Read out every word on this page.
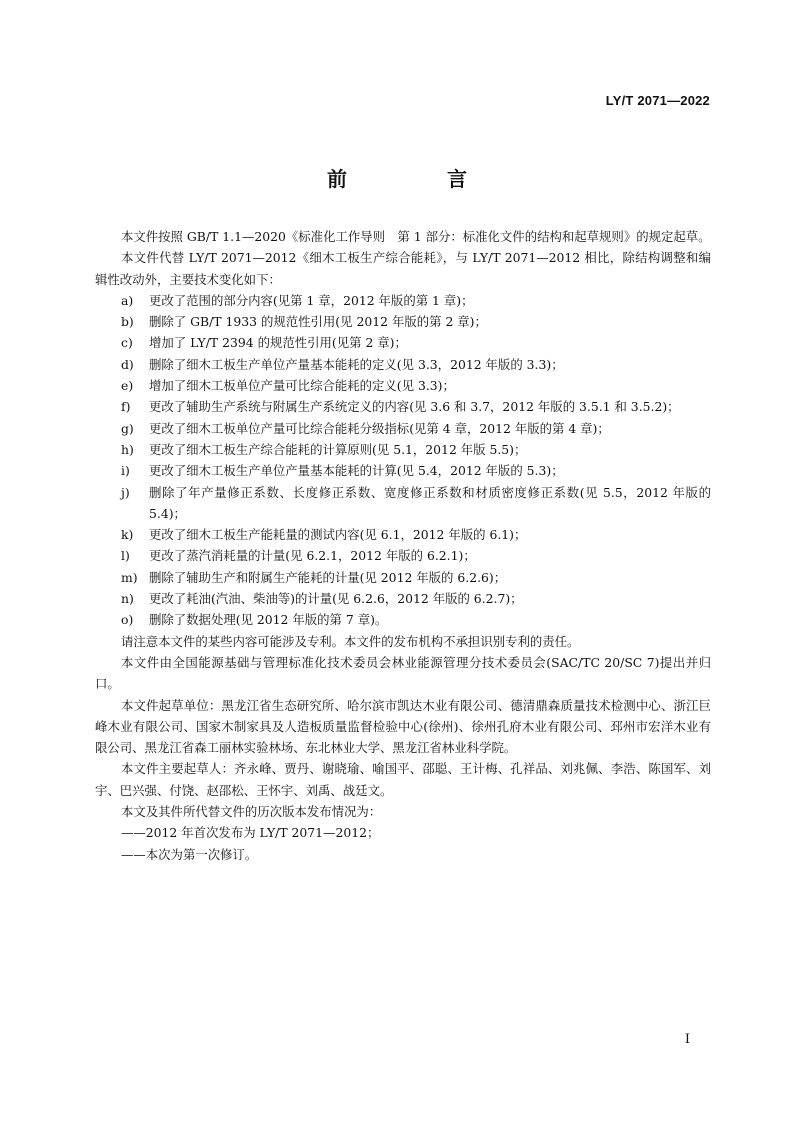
LY/T 2071—2022
前　言

本文件按照 GB/T 1.1—2020《标准化工作导则　第 1 部分：标准化文件的结构和起草规则》的规定起草。

本文件代替 LY/T 2071—2012《细木工板生产综合能耗》，与 LY/T 2071—2012 相比，除结构调整和编辑性改动外，主要技术变化如下：

a)	更改了范围的部分内容(见第 1 章，2012 年版的第 1 章)；
b)	删除了 GB/T 1933 的规范性引用(见 2012 年版的第 2 章)；
c)	增加了 LY/T 2394 的规范性引用(见第 2 章)；
d)	删除了细木工板生产单位产量基本能耗的定义(见 3.3，2012 年版的 3.3)；
e)	增加了细木工板单位产量可比综合能耗的定义(见 3.3)；
f)	更改了辅助生产系统与附属生产系统定义的内容(见 3.6 和 3.7，2012 年版的 3.5.1 和 3.5.2)；
g)	更改了细木工板单位产量可比综合能耗分级指标(见第 4 章，2012 年版的第 4 章)；
h)	更改了细木工板生产综合能耗的计算原则(见 5.1，2012 年版 5.5)；
i)	更改了细木工板生产单位产量基本能耗的计算(见 5.4，2012 年版的 5.3)；
j)	删除了年产量修正系数、长度修正系数、宽度修正系数和材质密度修正系数(见 5.5，2012 年版的 5.4)；
k)	更改了细木工板生产能耗量的测试内容(见 6.1，2012 年版的 6.1)；
l)	更改了蒸汽消耗量的计量(见 6.2.1，2012 年版的 6.2.1)；
m) 删除了辅助生产和附属生产能耗的计量(见 2012 年版的 6.2.6)；
n)	更改了耗油(汽油、柴油等)的计量(见 6.2.6，2012 年版的 6.2.7)；
o)	删除了数据处理(见 2012 年版的第 7 章)。

请注意本文件的某些内容可能涉及专利。本文件的发布机构不承担识别专利的责任。

本文件由全国能源基础与管理标准化技术委员会林业能源管理分技术委员会(SAC/TC 20/SC 7)提出并归口。

本文件起草单位：黑龙江省生态研究所、哈尔滨市凯达木业有限公司、德清鼎森质量技术检测中心、浙江巨峰木业有限公司、国家木制家具及人造板质量监督检验中心(徐州)、徐州孔府木业有限公司、邳州市宏洋木业有限公司、黑龙江省森工丽林实验林场、东北林业大学、黑龙江省林业科学院。

本文件主要起草人：齐永峰、贾丹、谢晓瑜、喻国平、邵聪、王计梅、孔祥品、刘兆佩、李浩、陈国军、刘宇、巴兴强、付饶、赵邵松、王怀宇、刘禹、战廷文。

本文及其件所代替文件的历次版本发布情况为：

——2012 年首次发布为 LY/T 2071—2012；

——本次为第一次修订。

I
